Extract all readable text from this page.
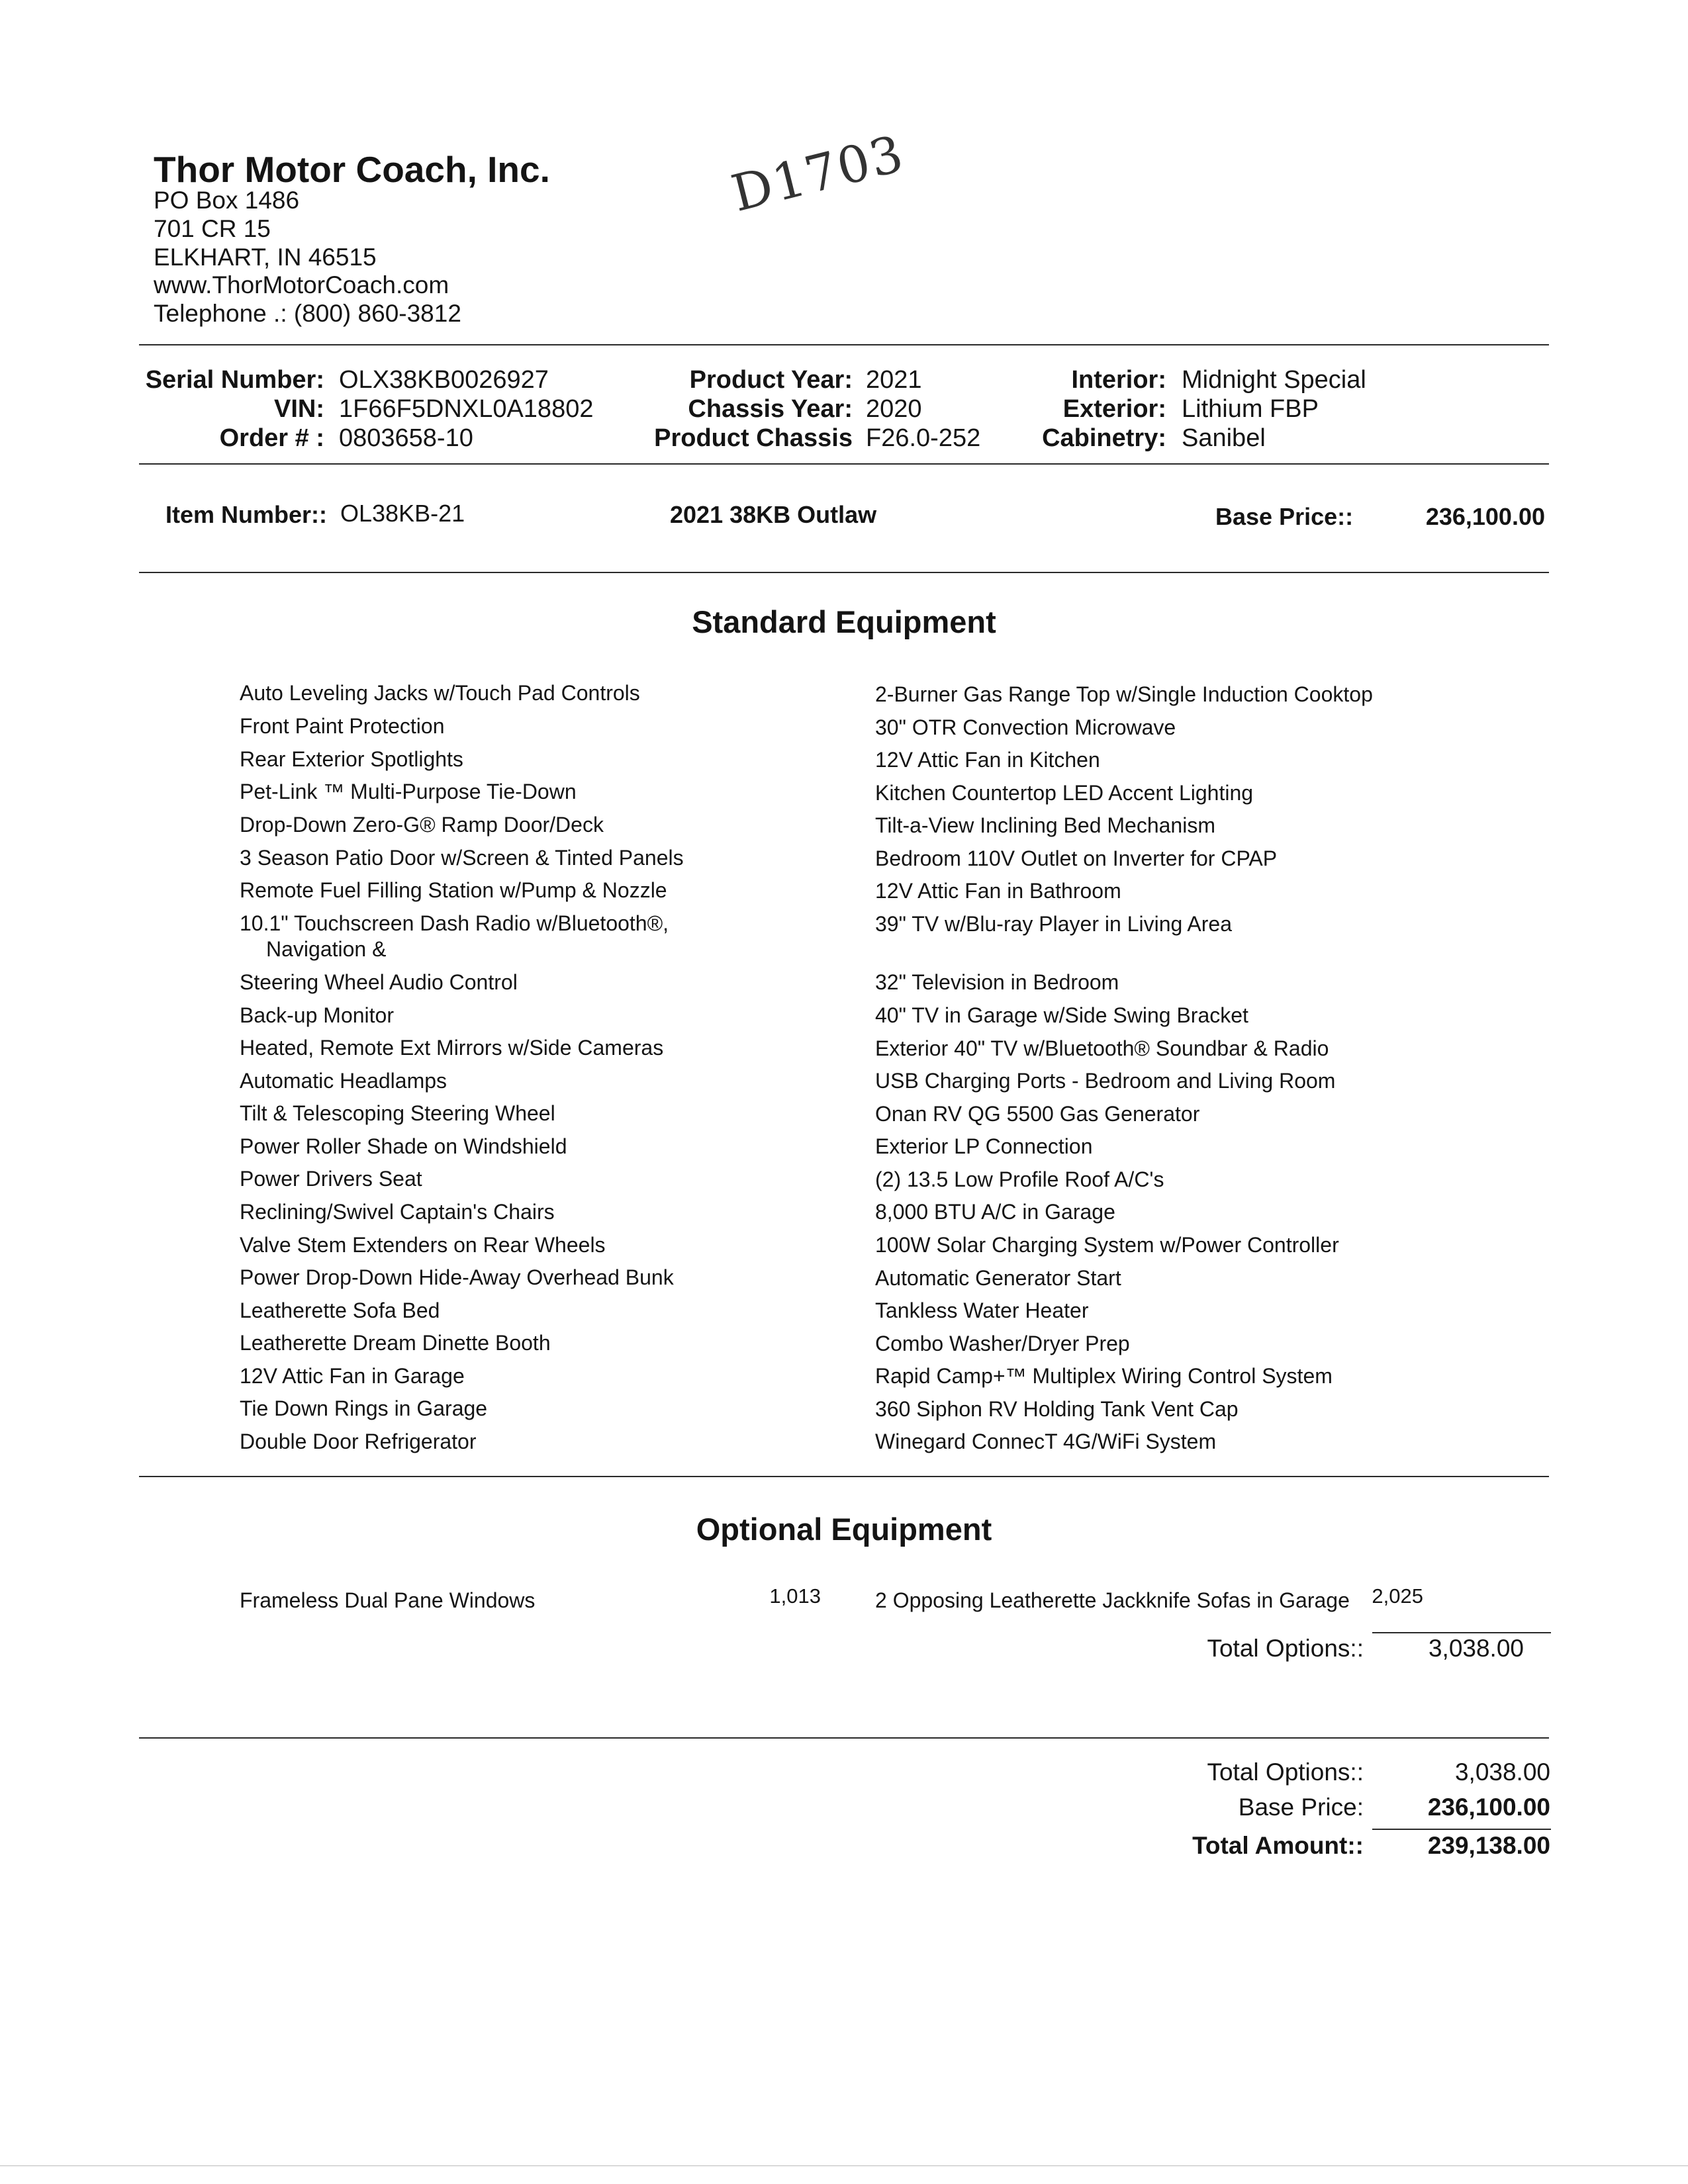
Thor Motor Coach, Inc.
PO Box 1486
701 CR 15
ELKHART, IN 46515
www.ThorMotorCoach.com
Telephone .: (800) 860-3812
D1703
Serial Number: OLX38KB0026927
VIN: 1F66F5DNXL0A18802
Order # : 0803658-10
Product Year: 2021
Chassis Year: 2020
Product Chassis F26.0-252
Interior: Midnight Special
Exterior: Lithium FBP
Cabinetry: Sanibel
Item Number:: OL38KB-21	2021 38KB Outlaw	Base Price::	236,100.00
Standard Equipment
Auto Leveling Jacks w/Touch Pad Controls
Front Paint Protection
Rear Exterior Spotlights
Pet-Link ™ Multi-Purpose Tie-Down
Drop-Down Zero-G® Ramp Door/Deck
3 Season Patio Door w/Screen & Tinted Panels
Remote Fuel Filling Station w/Pump & Nozzle
10.1" Touchscreen Dash Radio w/Bluetooth®,
Navigation &
Steering Wheel Audio Control
Back-up Monitor
Heated, Remote Ext Mirrors w/Side Cameras
Automatic Headlamps
Tilt & Telescoping Steering Wheel
Power Roller Shade on Windshield
Power Drivers Seat
Reclining/Swivel Captain's Chairs
Valve Stem Extenders on Rear Wheels
Power Drop-Down Hide-Away Overhead Bunk
Leatherette Sofa Bed
Leatherette Dream Dinette Booth
12V Attic Fan in Garage
Tie Down Rings in Garage
Double Door Refrigerator
2-Burner Gas Range Top w/Single Induction Cooktop
30" OTR Convection Microwave
12V Attic Fan in Kitchen
Kitchen Countertop LED Accent Lighting
Tilt-a-View Inclining Bed Mechanism
Bedroom 110V Outlet on Inverter for CPAP
12V Attic Fan in Bathroom
39" TV w/Blu-ray Player in Living Area
32" Television in Bedroom
40" TV in Garage w/Side Swing Bracket
Exterior 40" TV w/Bluetooth® Soundbar & Radio
USB Charging Ports - Bedroom and Living Room
Onan RV QG 5500 Gas Generator
Exterior LP Connection
(2) 13.5 Low Profile Roof A/C's
8,000 BTU A/C in Garage
100W Solar Charging System w/Power Controller
Automatic Generator Start
Tankless Water Heater
Combo Washer/Dryer Prep
Rapid Camp+™ Multiplex Wiring Control System
360 Siphon RV Holding Tank Vent Cap
Winegard ConnecT 4G/WiFi System
Optional Equipment
Frameless Dual Pane Windows	1,013	2 Opposing Leatherette Jackknife Sofas in Garage	2,025
Total Options::	3,038.00
Total Options::	3,038.00
Base Price:	236,100.00
Total Amount::	239,138.00
